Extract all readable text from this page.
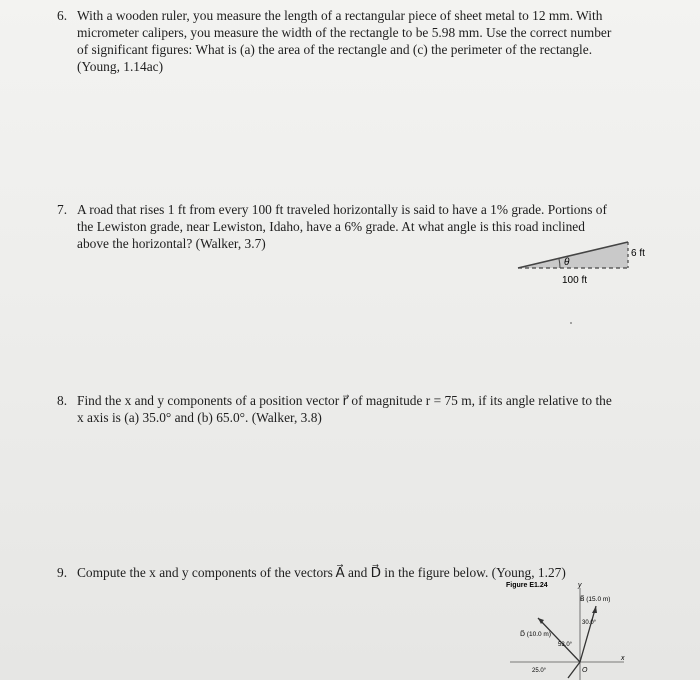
6. With a wooden ruler, you measure the length of a rectangular piece of sheet metal to 12 mm. With
micrometer calipers, you measure the width of the rectangle to be 5.98 mm. Use the correct number
of significant figures: What is (a) the area of the rectangle and (c) the perimeter of the rectangle.
(Young, 1.14ac)
7. A road that rises 1 ft from every 100 ft traveled horizontally is said to have a 1% grade. Portions of
the Lewiston grade, near Lewiston, Idaho, have a 6% grade. At what angle is this road inclined
above the horizontal? (Walker, 3.7)
θ
6 ft
100 ft
8. Find the x and y components of a position vector r⃗ of magnitude r = 75 m, if its angle relative to the
x axis is (a) 35.0° and (b) 65.0°. (Walker, 3.8)
9. Compute the x and y components of the vectors A⃗ and D⃗ in the figure below. (Young, 1.27)
Figure E1.24	y
x
B⃗ (15.0 m)
30.0°
D⃗ (10.0 m)
53.0°
25.0°	O
